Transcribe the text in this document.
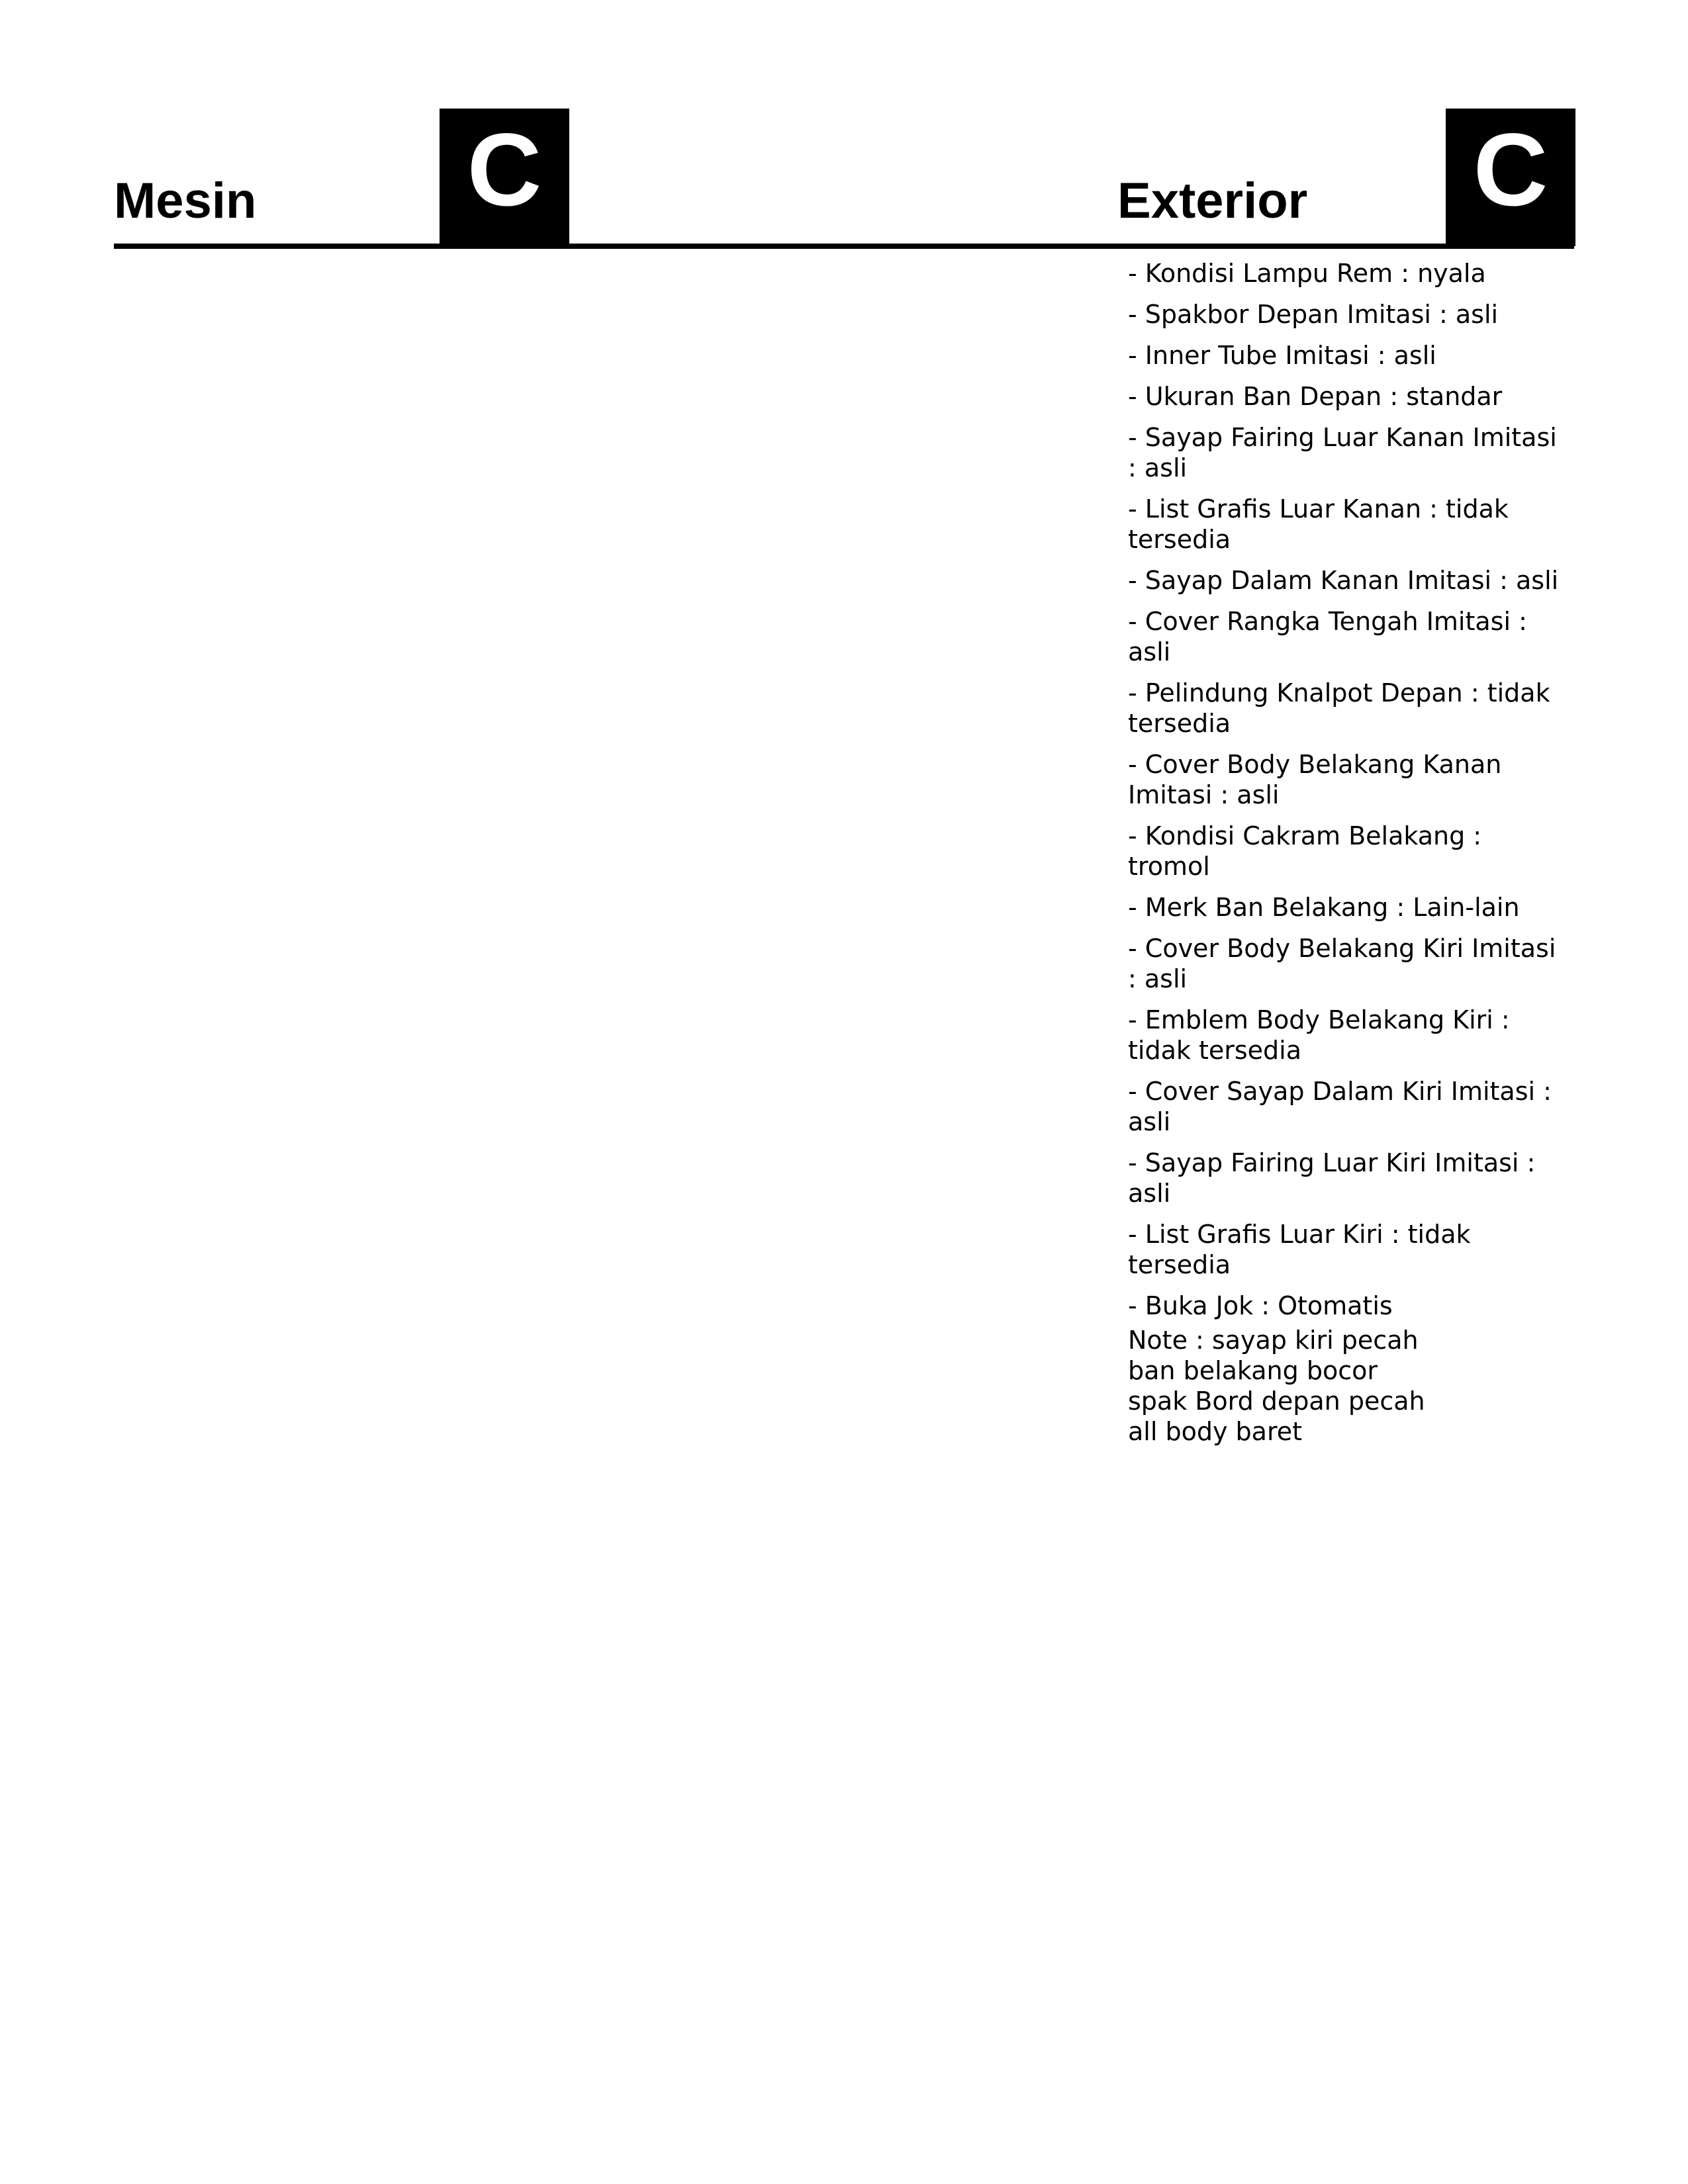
Mesin C	Exterior C
- Kondisi Lampu Rem : nyala
- Spakbor Depan Imitasi : asli
- Inner Tube Imitasi : asli
- Ukuran Ban Depan : standar
- Sayap Fairing Luar Kanan Imitasi : asli
- List Grafis Luar Kanan : tidak tersedia
- Sayap Dalam Kanan Imitasi : asli
- Cover Rangka Tengah Imitasi : asli
- Pelindung Knalpot Depan : tidak tersedia
- Cover Body Belakang Kanan Imitasi : asli
- Kondisi Cakram Belakang : tromol
- Merk Ban Belakang : Lain-lain
- Cover Body Belakang Kiri Imitasi : asli
- Emblem Body Belakang Kiri : tidak tersedia
- Cover Sayap Dalam Kiri Imitasi : asli
- Sayap Fairing Luar Kiri Imitasi : asli
- List Grafis Luar Kiri : tidak tersedia
- Buka Jok : Otomatis
Note : sayap kiri pecah
ban belakang bocor
spak Bord depan pecah
all body baret
